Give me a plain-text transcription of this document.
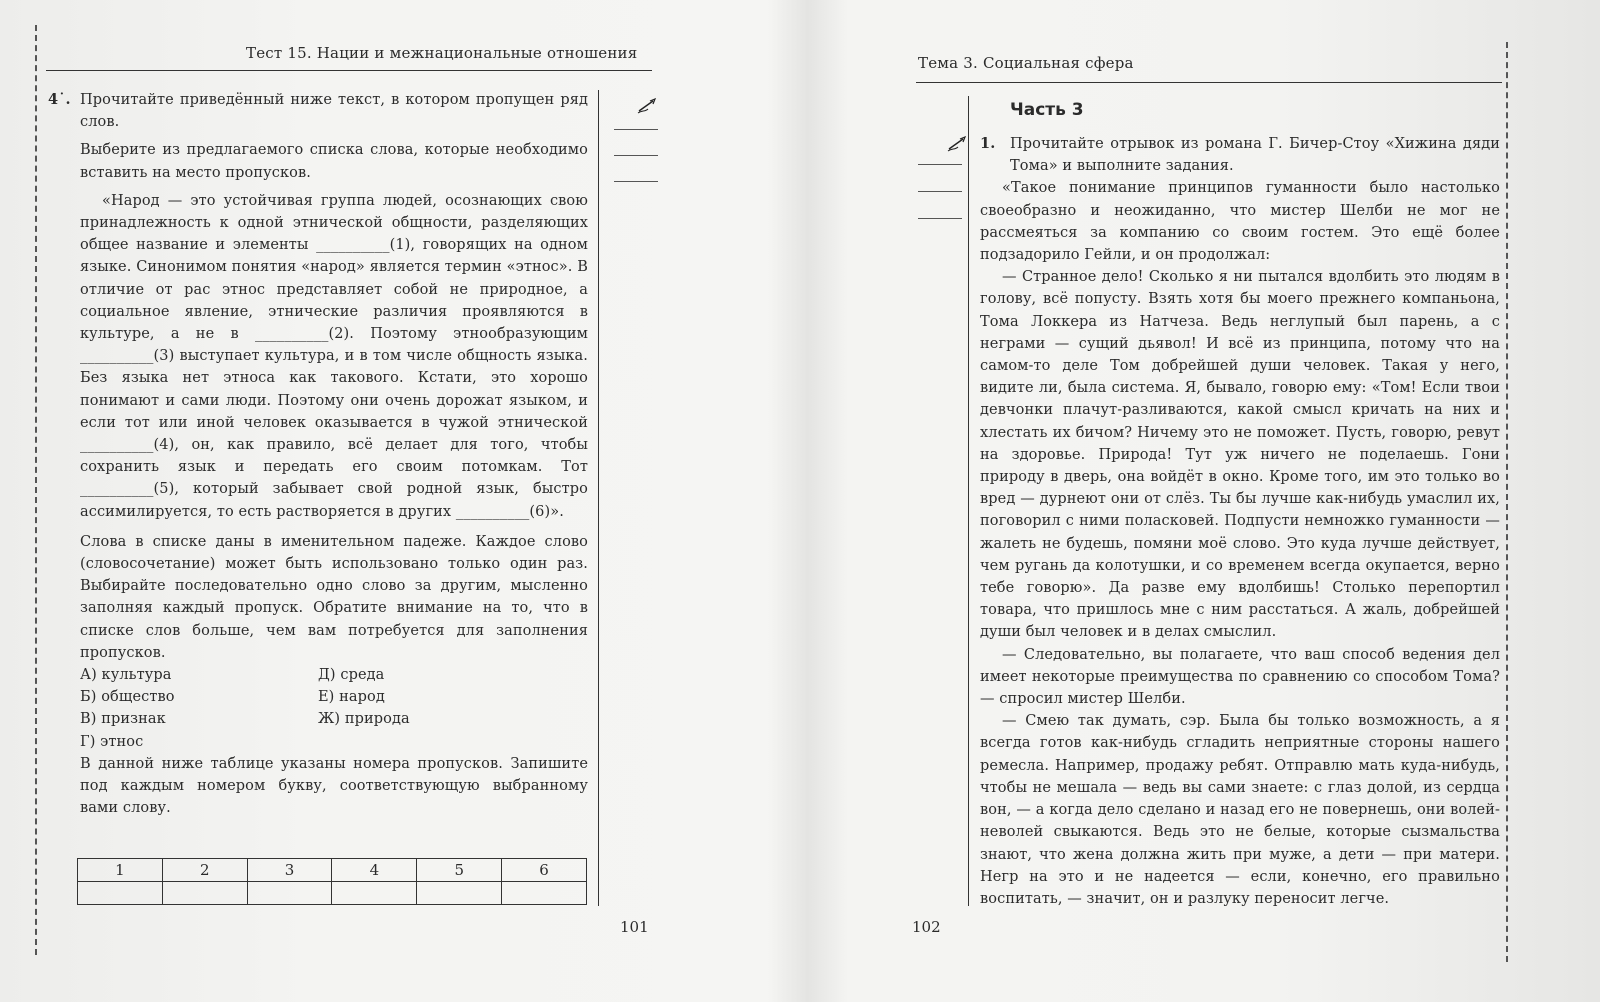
Тест 15. Нации и межнациональные отношения

4˙. Прочитайте приведённый ниже текст, в котором пропущен ряд слов.

Выберите из предлагаемого списка слова, которые необходимо вставить на место пропусков.

«Народ — это устойчивая группа людей, осознающих свою принадлежность к одной этнической общности, разделяющих общее название и элементы __________(1), говорящих на одном языке. Синонимом понятия «народ» является термин «этнос». В отличие от рас этнос представляет собой не природное, а социальное явление, этнические различия проявляются в культуре, а не в __________(2). Поэтому этнообразующим __________(3) выступает культура, и в том числе общность языка. Без языка нет этноса как такового. Кстати, это хорошо понимают и сами люди. Поэтому они очень дорожат языком, и если тот или иной человек оказывается в чужой этнической __________(4), он, как правило, всё делает для того, чтобы сохранить язык и передать его своим потомкам. Тот __________(5), который забывает свой родной язык, быстро ассимилируется, то есть растворяется в других __________(6)».

Слова в списке даны в именительном падеже. Каждое слово (словосочетание) может быть использовано только один раз. Выбирайте последовательно одно слово за другим, мысленно заполняя каждый пропуск. Обратите внимание на то, что в списке слов больше, чем вам потребуется для заполнения пропусков.

А) культура	Д) среда
Б) общество	Е) народ
В) признак	Ж) природа
Г) этнос

В данной ниже таблице указаны номера пропусков. Запишите под каждым номером букву, соответствующую выбранному вами слову.

1	2	3	4	5	6

101
Тема 3. Социальная сфера
Часть 3

1. Прочитайте отрывок из романа Г. Бичер-Стоу «Хижина дяди Тома» и выполните задания.

«Такое понимание принципов гуманности было настолько своеобразно и неожиданно, что мистер Шелби не мог не рассмеяться за компанию со своим гостем. Это ещё более подзадорило Гейли, и он продолжал:

— Странное дело! Сколько я ни пытался вдолбить это людям в голову, всё попусту. Взять хотя бы моего прежнего компаньона, Тома Локкера из Натчеза. Ведь неглупый был парень, а с неграми — сущий дьявол! И всё из принципа, потому что на самом-то деле Том добрейшей души человек. Такая у него, видите ли, была система. Я, бывало, говорю ему: «Том! Если твои девчонки плачут-разливаются, какой смысл кричать на них и хлестать их бичом? Ничему это не поможет. Пусть, говорю, ревут на здоровье. Природа! Тут уж ничего не поделаешь. Гони природу в дверь, она войдёт в окно. Кроме того, им это только во вред — дурнеют они от слёз. Ты бы лучше как-нибудь умаслил их, поговорил с ними поласковей. Подпусти немножко гуманности — жалеть не будешь, помяни моё слово. Это куда лучше действует, чем ругань да колотушки, и со временем всегда окупается, верно тебе говорю». Да разве ему вдолбишь! Столько перепортил товара, что пришлось мне с ним расстаться. А жаль, добрейшей души был человек и в делах смыслил.

— Следовательно, вы полагаете, что ваш способ ведения дел имеет некоторые преимущества по сравнению со способом Тома? — спросил мистер Шелби.

— Смею так думать, сэр. Была бы только возможность, а я всегда готов как-нибудь сгладить неприятные стороны нашего ремесла. Например, продажу ребят. Отправлю мать куда-нибудь, чтобы не мешала — ведь вы сами знаете: с глаз долой, из сердца вон, — а когда дело сделано и назад его не повернешь, они волей-неволей свыкаются. Ведь это не белые, которые сызмальства знают, что жена должна жить при муже, а дети — при матери. Негр на это и не надеется — если, конечно, его правильно воспитать, — значит, он и разлуку переносит легче.

102
